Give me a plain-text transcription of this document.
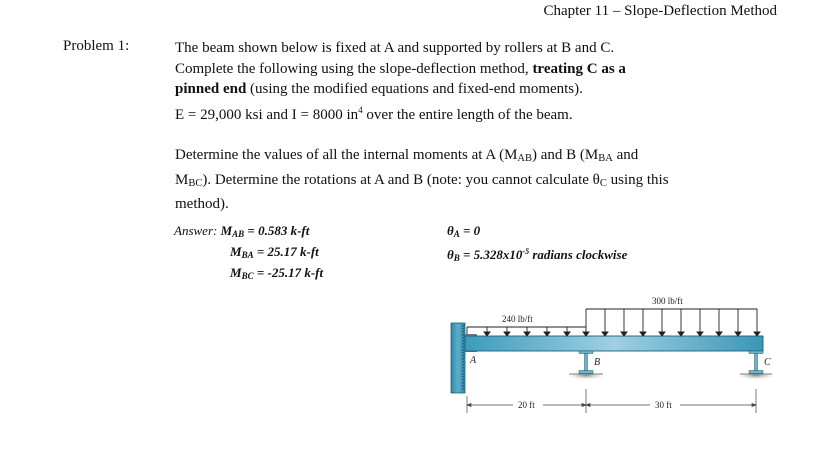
Chapter 11 – Slope-Deflection Method
Problem 1:	The beam shown below is fixed at A and supported by rollers at B and C.
Complete the following using the slope-deflection method, treating C as a
pinned end (using the modified equations and fixed-end moments).
E = 29,000 ksi and I = 8000 $in^4$ over the entire length of the beam.
Determine the values of all the internal moments at A $(M_{AB})$ and B ($M_{BA}$ and
$M_{BC}$). Determine the rotations at A and B (note: you cannot calculate $\theta_C$ using this
method).
Answer: $M_{AB} = 0.583$ k-ft
$M_{BA} = 25.17$ k-ft
$M_{BC} = -25.17$ k-ft
$\theta_A = 0$
$\theta_B = 5.328x10^{-5}$ radians clockwise
240 lb/ft
300 lb/ft
B	C
A
20 ft	30 ft
